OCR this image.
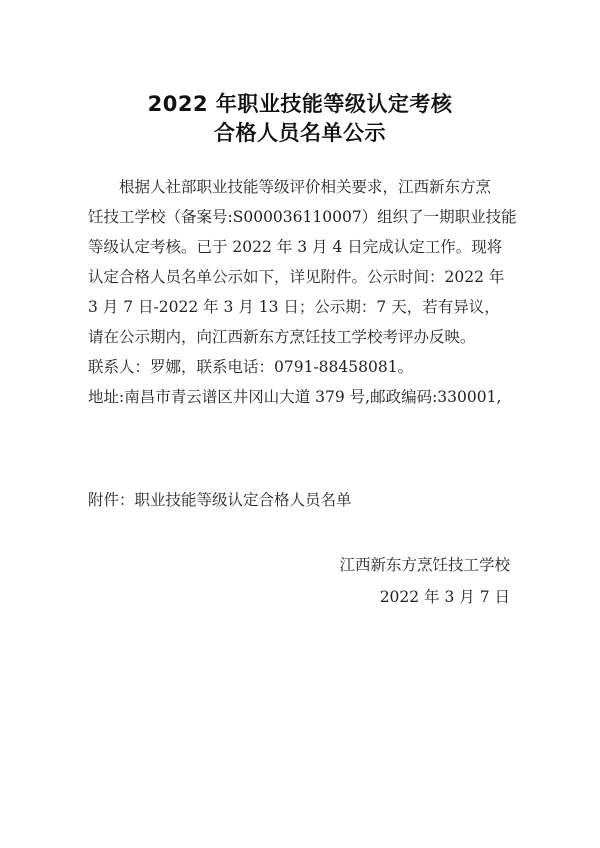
2022 年职业技能等级认定考核
合格人员名单公示
　　根据人社部职业技能等级评价相关要求，江西新东方烹
饪技工学校（备案号:S000036110007）组织了一期职业技能
等级认定考核。已于 2022 年 3 月 4 日完成认定工作。现将
认定合格人员名单公示如下，详见附件。公示时间：2022 年
3 月 7 日-2022 年 3 月 13 日；公示期：7 天，若有异议，
请在公示期内，向江西新东方烹饪技工学校考评办反映。
联系人：罗娜，联系电话：0791-88458081。
地址:南昌市青云谱区井冈山大道 379 号,邮政编码:330001,
附件：职业技能等级认定合格人员名单
江西新东方烹饪技工学校
2022 年 3 月 7 日
